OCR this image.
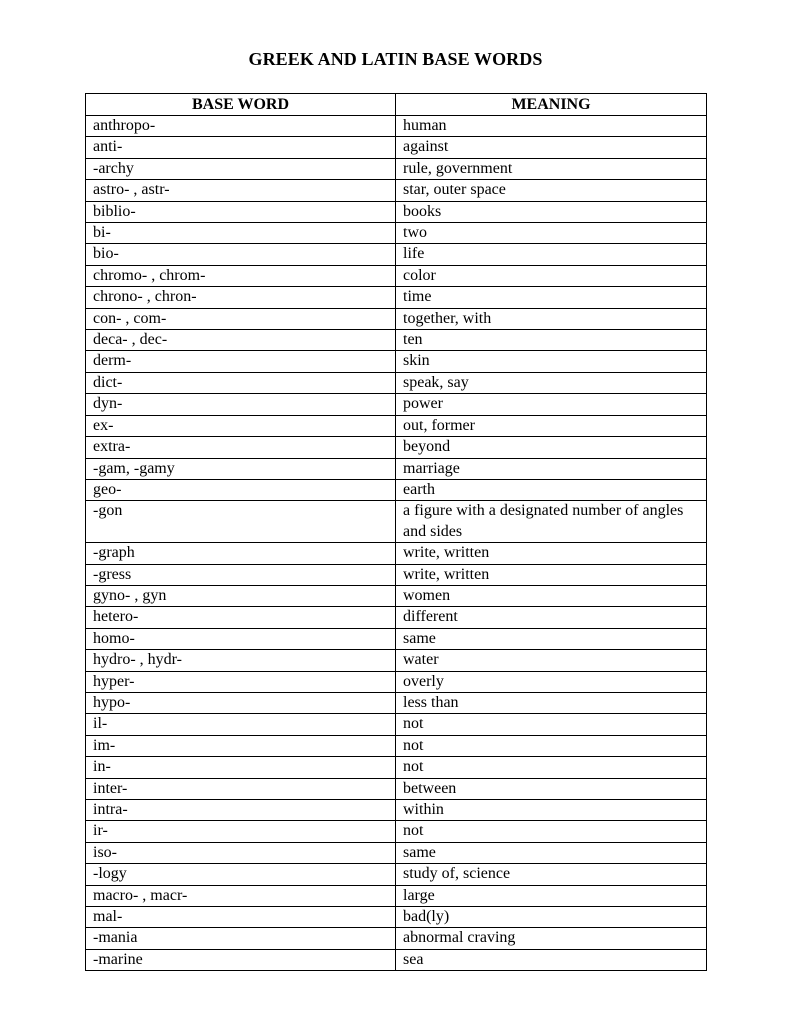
GREEK AND LATIN BASE WORDS
BASE WORD	MEANING
anthropo-	human
anti-	against
-archy	rule, government
astro- , astr-	star, outer space
biblio-	books
bi-	two
bio-	life
chromo- , chrom-	color
chrono- , chron-	time
con- , com-	together, with
deca- , dec-	ten
derm-	skin
dict-	speak, say
dyn-	power
ex-	out, former
extra-	beyond
-gam, -gamy	marriage
geo-	earth
-gon	a figure with a designated number of angles and sides
-graph	write, written
-gress	write, written
gyno- , gyn	women
hetero-	different
homo-	same
hydro- , hydr-	water
hyper-	overly
hypo-	less than
il-	not
im-	not
in-	not
inter-	between
intra-	within
ir-	not
iso-	same
-logy	study of, science
macro- , macr-	large
mal-	bad(ly)
-mania	abnormal craving
-marine	sea
